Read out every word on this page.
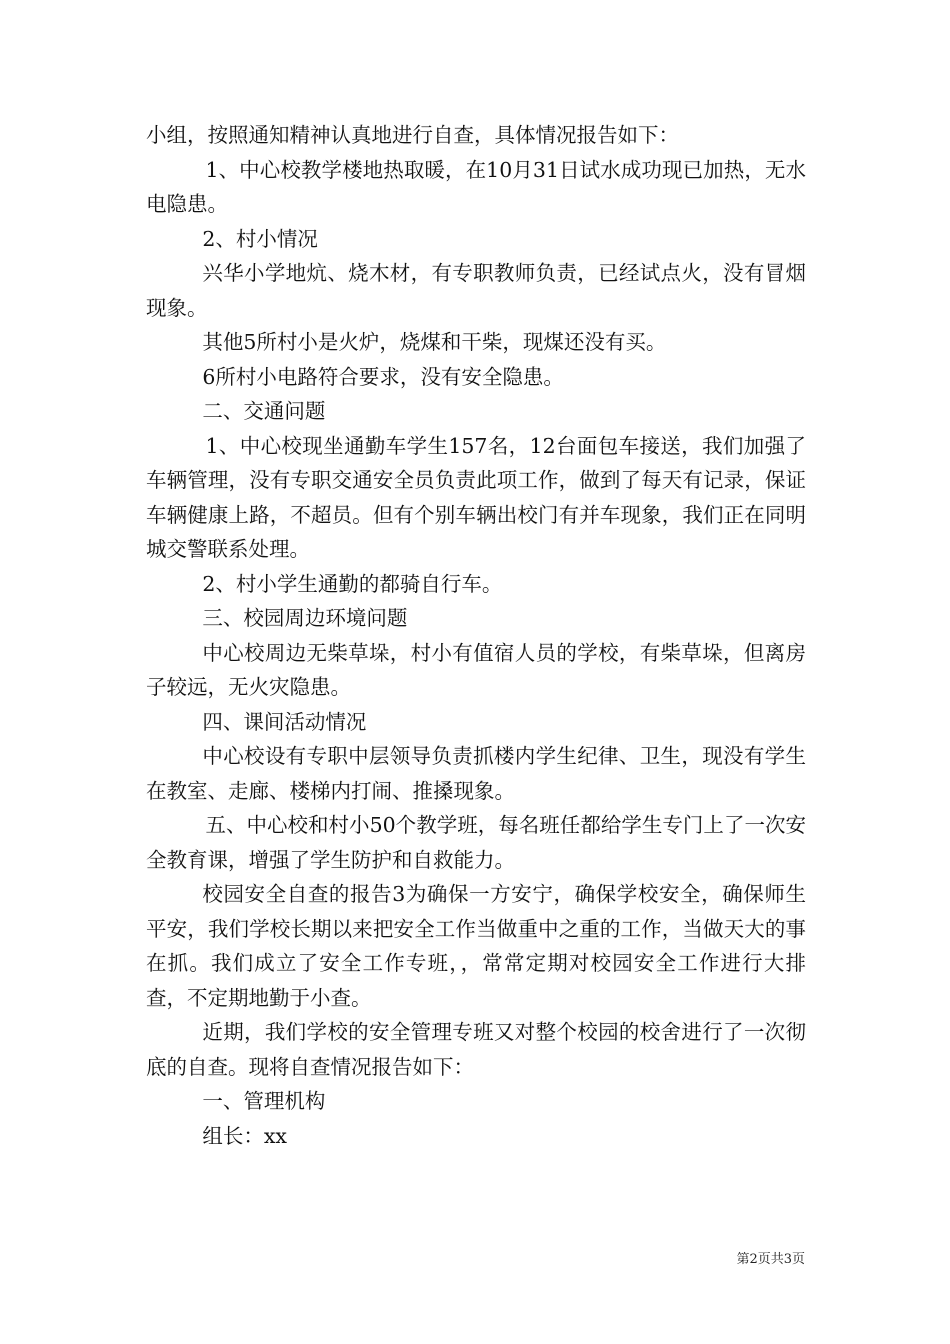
小组，按照通知精神认真地进行自查，具体情况报告如下：

1、中心校教学楼地热取暖，在10月31日试水成功现已加热，无水电隐患。

2、村小情况

兴华小学地炕、烧木材，有专职教师负责，已经试点火，没有冒烟现象。

其他5所村小是火炉，烧煤和干柴，现煤还没有买。

6所村小电路符合要求，没有安全隐患。

二、交通问题

1、中心校现坐通勤车学生157名，12台面包车接送，我们加强了车辆管理，没有专职交通安全员负责此项工作，做到了每天有记录，保证车辆健康上路，不超员。但有个别车辆出校门有并车现象，我们正在同明城交警联系处理。

2、村小学生通勤的都骑自行车。

三、校园周边环境问题

中心校周边无柴草垛，村小有值宿人员的学校，有柴草垛，但离房子较远，无火灾隐患。

四、课间活动情况

中心校设有专职中层领导负责抓楼内学生纪律、卫生，现没有学生在教室、走廊、楼梯内打闹、推搡现象。

五、中心校和村小50个教学班，每名班任都给学生专门上了一次安全教育课，增强了学生防护和自救能力。

校园安全自查的报告3为确保一方安宁，确保学校安全，确保师生平安，我们学校长期以来把安全工作当做重中之重的工作，当做天大的事在抓。我们成立了安全工作专班，，常常定期对校园安全工作进行大排查，不定期地勤于小查。

近期，我们学校的安全管理专班又对整个校园的校舍进行了一次彻底的自查。现将自查情况报告如下：

一、管理机构

组长：xx

第2页共3页
